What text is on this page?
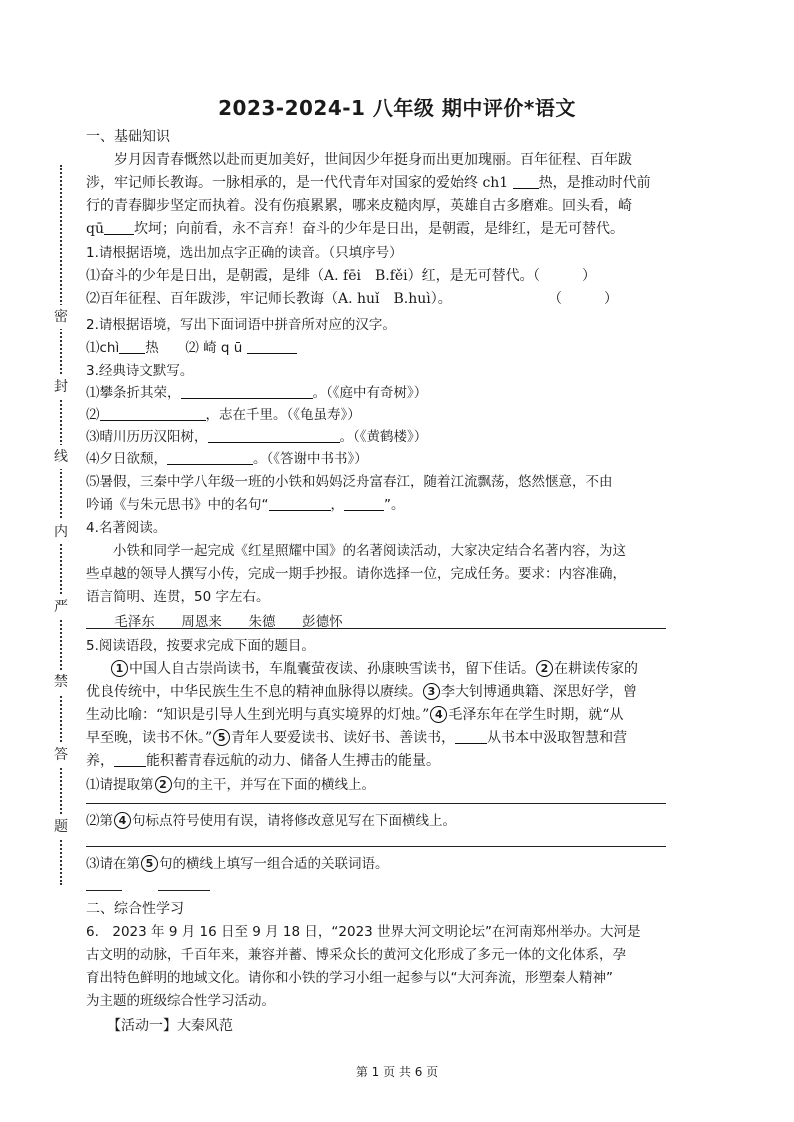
2023-2024-1 八年级 期中评价*语文
密
封
线
内
严
禁
答
题
一、基础知识
　　岁月因青春慨然以赴而更加美好，世间因少年挺身而出更加瑰丽。百年征程、百年跋
涉，牢记师长教诲。一脉相承的，是一代代青年对国家的爱始终 ch1 热，是推动时代前
行的青春脚步坚定而执着。没有伤痕累累，哪来皮糙肉厚，英雄自古多磨难。回头看，崎
qū 坎坷；向前看，永不言弃！奋斗的少年是日出，是朝霞，是绯红，是无可替代。
1.请根据语境，选出加点字正确的读音。（只填序号）
⑴奋斗的少年是日出，是朝霞，是绯（A. fēi　B.fěi）红，是无可替代。
（　　　）
⑵百年征程、百年跋涉，牢记师长教诲（A. huǐ　B.huì）。	（　　　）
2.请根据语境，写出下面词语中拼音所对应的汉字。
⑴chì 热 ⑵ 崎 q ū
3.经典诗文默写。
⑴攀条折其荣，	。（《庭中有奇树》）
⑵	，志在千里。（《龟虽寿》）
⑶晴川历历汉阳树，	。（《黄鹤楼》）
⑷夕日欲颓，	。（《答谢中书书》）
⑸暑假，三秦中学八年级一班的小铁和妈妈泛舟富春江，随着江流飘荡，悠然惬意，不由
吟诵《与朱元思书》中的名句“	，	”。
4.名著阅读。
　　小铁和同学一起完成《红星照耀中国》的名著阅读活动，大家决定结合名著内容，为这
些卓越的领导人撰写小传，完成一期手抄报。请你选择一位，完成任务。要求：内容准确，
语言简明、连贯，50 字左右。
毛泽东 周恩来 朱德 彭德怀
5.阅读语段，按要求完成下面的题目。
1 中国人自古崇尚读书，车胤囊萤夜读、孙康映雪读书，留下佳话。 2 在耕读传家的
优良传统中，中华民族生生不息的精神血脉得以赓续。 3 李大钊博通典籍、深思好学，曾
生动比喻：“知识是引导人生到光明与真实境界的灯烛。” 4 毛泽东年在学生时期，就“从
早至晚，读书不休。” 5 青年人要爱读书、读好书、善读书， 从书本中汲取智慧和营
养， 能积蓄青春远航的动力、储备人生搏击的能量。
⑴请提取第 2 句的主干，并写在下面的横线上。
⑵第 4 句标点符号使用有误，请将修改意见写在下面横线上。
⑶请在第 5 句的横线上填写一组合适的关联词语。
二、综合性学习
6.　2023 年 9 月 16 日至 9 月 18 日，“2023 世界大河文明论坛”在河南郑州举办。大河是
古文明的动脉，千百年来，兼容并蓄、博采众长的黄河文化形成了多元一体的文化体系，孕
育出特色鲜明的地域文化。请你和小铁的学习小组一起参与以“大河奔流，形塑秦人精神”
为主题的班级综合性学习活动。
　　【活动一】大秦风范
第 1 页 共 6 页
